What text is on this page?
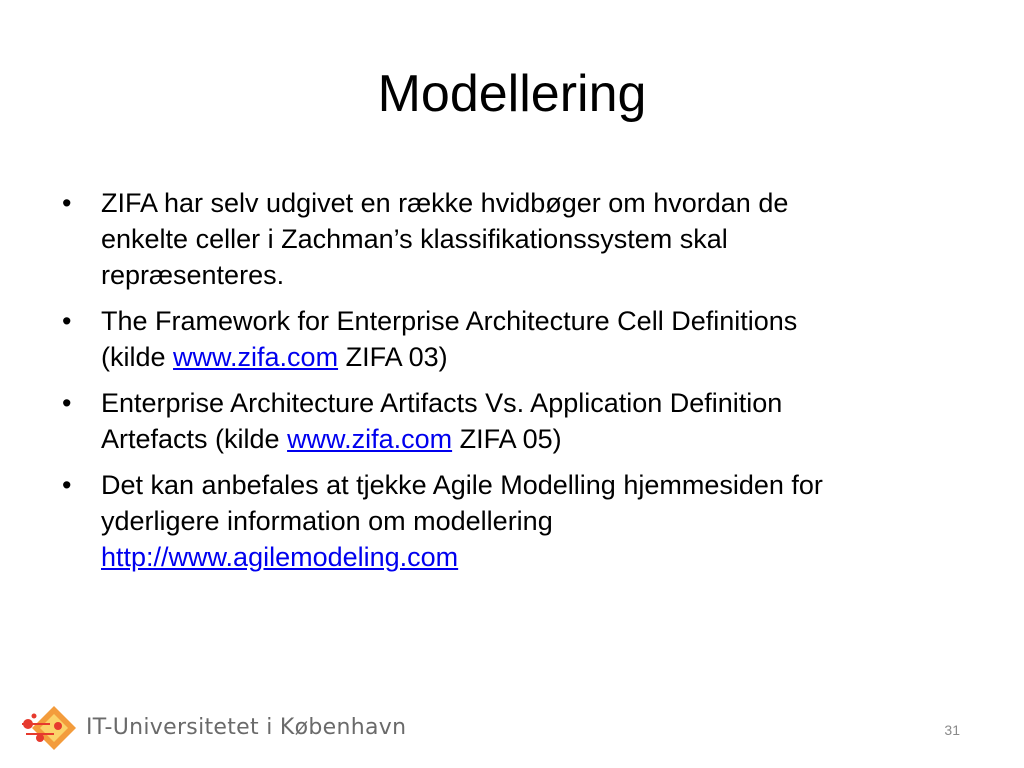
Modellering
• ZIFA har selv udgivet en række hvidbøger om hvordan de
enkelte celler i Zachman’s klassifikationssystem skal
repræsenteres.
• The Framework for Enterprise Architecture Cell Definitions
(kilde www.zifa.com ZIFA 03)
• Enterprise Architecture Artifacts Vs. Application Definition
Artefacts (kilde www.zifa.com ZIFA 05)
• Det kan anbefales at tjekke Agile Modelling hjemmesiden for
yderligere information om modellering
http://www.agilemodeling.com
IT-Universitetet i København	31
